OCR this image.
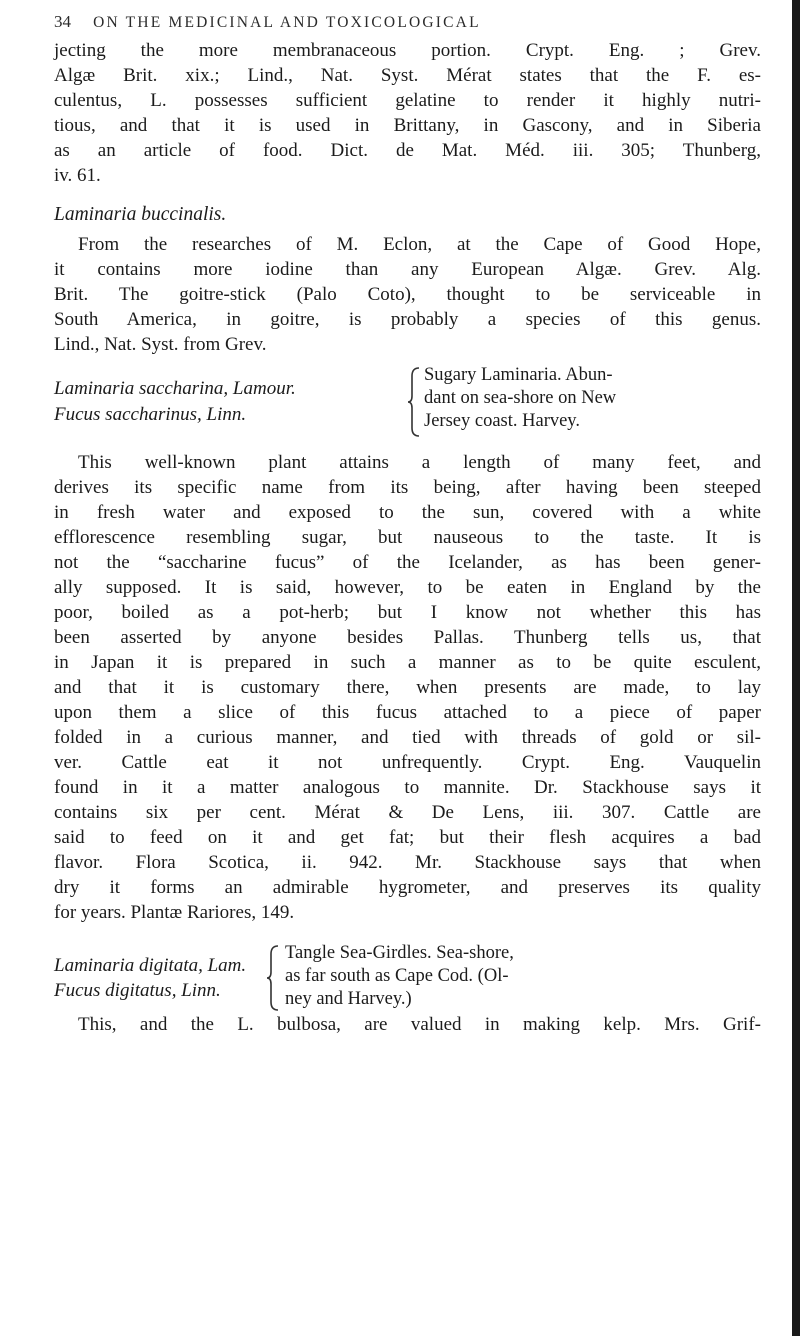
34 ON THE MEDICINAL AND TOXICOLOGICAL
jecting the more membranaceous portion. Crypt. Eng. ; Grev.
Algæ Brit. xix.; Lind., Nat. Syst. Mérat states that the F. es-
culentus, L. possesses sufficient gelatine to render it highly nutri-
tious, and that it is used in Brittany, in Gascony, and in Siberia
as an article of food. Dict. de Mat. Méd. iii. 305; Thunberg,
iv. 61.
Laminaria buccinalis.
From the researches of M. Eclon, at the Cape of Good Hope,
it contains more iodine than any European Algæ. Grev. Alg.
Brit. The goitre-stick (Palo Coto), thought to be serviceable in
South America, in goitre, is probably a species of this genus.
Lind., Nat. Syst. from Grev.
Laminaria saccharina, Lamour.
Fucus saccharinus, Linn.
Sugary Laminaria. Abun-
dant on sea-shore on New
Jersey coast. Harvey.
This well-known plant attains a length of many feet, and
derives its specific name from its being, after having been steeped
in fresh water and exposed to the sun, covered with a white
efflorescence resembling sugar, but nauseous to the taste. It is
not the “saccharine fucus” of the Icelander, as has been gener-
ally supposed. It is said, however, to be eaten in England by the
poor, boiled as a pot-herb; but I know not whether this has
been asserted by anyone besides Pallas. Thunberg tells us, that
in Japan it is prepared in such a manner as to be quite esculent,
and that it is customary there, when presents are made, to lay
upon them a slice of this fucus attached to a piece of paper
folded in a curious manner, and tied with threads of gold or sil-
ver. Cattle eat it not unfrequently. Crypt. Eng. Vauquelin
found in it a matter analogous to mannite. Dr. Stackhouse says it
contains six per cent. Mérat & De Lens, iii. 307. Cattle are
said to feed on it and get fat; but their flesh acquires a bad
flavor. Flora Scotica, ii. 942. Mr. Stackhouse says that when
dry it forms an admirable hygrometer, and preserves its quality
for years. Plantæ Rariores, 149.
Laminaria digitata, Lam.
Fucus digitatus, Linn.
Tangle Sea-Girdles. Sea-shore,
as far south as Cape Cod. (Ol-
ney and Harvey.)
This, and the L. bulbosa, are valued in making kelp. Mrs. Grif-
